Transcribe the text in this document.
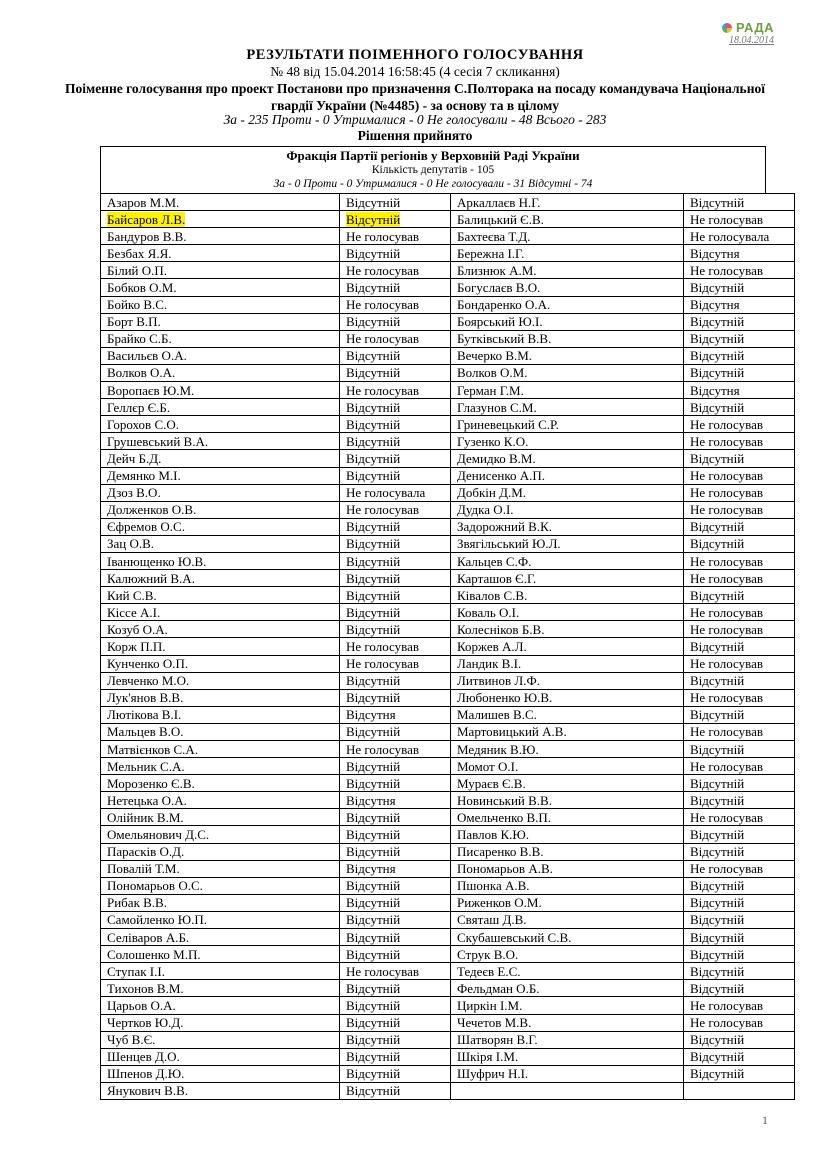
РАДА
18.04.2014
РЕЗУЛЬТАТИ ПОІМЕННОГО ГОЛОСУВАННЯ
№ 48 від 15.04.2014 16:58:45 (4 сесія 7 скликання)
Поіменне голосування про проект Постанови про призначення С.Полторака на посаду командувача Національної гвардії України (№4485) - за основу та в цілому
За - 235 Проти - 0 Утрималися - 0 Не голосували - 48 Всього - 283
Рішення прийнято
Фракція Партії регіонів у Верховній Раді України
Кількість депутатів - 105
За - 0 Проти - 0 Утрималися - 0 Не голосували - 31 Відсутні - 74
Азаров М.М.	Відсутній	Аркаллаєв Н.Г.	Відсутній
Байсаров Л.В.	Відсутній	Балицький Є.В.	Не голосував
Бандуров В.В.	Не голосував	Бахтеєва Т.Д.	Не голосувала
Безбах Я.Я.	Відсутній	Бережна І.Г.	Відсутня
Білий О.П.	Не голосував	Близнюк А.М.	Не голосував
Бобков О.М.	Відсутній	Богуслаєв В.О.	Відсутній
Бойко В.С.	Не голосував	Бондаренко О.А.	Відсутня
Борт В.П.	Відсутній	Боярський Ю.І.	Відсутній
Брайко С.Б.	Не голосував	Бутківський В.В.	Відсутній
Васильєв О.А.	Відсутній	Вечерко В.М.	Відсутній
Волков О.А.	Відсутній	Волков О.М.	Відсутній
Воропаєв Ю.М.	Не голосував	Герман Г.М.	Відсутня
Геллєр Є.Б.	Відсутній	Глазунов С.М.	Відсутній
Горохов С.О.	Відсутній	Гриневецький С.Р.	Не голосував
Грушевський В.А.	Відсутній	Гузенко К.О.	Не голосував
Дейч Б.Д.	Відсутній	Демидко В.М.	Відсутній
Демянко М.І.	Відсутній	Денисенко А.П.	Не голосував
Дзоз В.О.	Не голосувала	Добкін Д.М.	Не голосував
Долженков О.В.	Не голосував	Дудка О.І.	Не голосував
Єфремов О.С.	Відсутній	Задорожний В.К.	Відсутній
Зац О.В.	Відсутній	Звягільський Ю.Л.	Відсутній
Іванющенко Ю.В.	Відсутній	Кальцев С.Ф.	Не голосував
Калюжний В.А.	Відсутній	Карташов Є.Г.	Не голосував
Кий С.В.	Відсутній	Ківалов С.В.	Відсутній
Кіссе А.І.	Відсутній	Коваль О.І.	Не голосував
Козуб О.А.	Відсутній	Колесніков Б.В.	Не голосував
Корж П.П.	Не голосував	Коржев А.Л.	Відсутній
Кунченко О.П.	Не голосував	Ландик В.І.	Не голосував
Левченко М.О.	Відсутній	Литвинов Л.Ф.	Відсутній
Лук'янов В.В.	Відсутній	Любоненко Ю.В.	Не голосував
Лютікова В.І.	Відсутня	Малишев В.С.	Відсутній
Мальцев В.О.	Відсутній	Мартовицький А.В.	Не голосував
Матвієнков С.А.	Не голосував	Медяник В.Ю.	Відсутній
Мельник С.А.	Відсутній	Момот О.І.	Не голосував
Морозенко Є.В.	Відсутній	Мураєв Є.В.	Відсутній
Нетецька О.А.	Відсутня	Новинський В.В.	Відсутній
Олійник В.М.	Відсутній	Омельченко В.П.	Не голосував
Омельянович Д.С.	Відсутній	Павлов К.Ю.	Відсутній
Парасків О.Д.	Відсутній	Писаренко В.В.	Відсутній
Повалій Т.М.	Відсутня	Пономарьов А.В.	Не голосував
Пономарьов О.С.	Відсутній	Пшонка А.В.	Відсутній
Рибак В.В.	Відсутній	Риженков О.М.	Відсутній
Самойленко Ю.П.	Відсутній	Святаш Д.В.	Відсутній
Селіваров А.Б.	Відсутній	Скубашевський С.В.	Відсутній
Солошенко М.П.	Відсутній	Струк В.О.	Відсутній
Ступак І.І.	Не голосував	Тедеєв Е.С.	Відсутній
Тихонов В.М.	Відсутній	Фельдман О.Б.	Відсутній
Царьов О.А.	Відсутній	Циркін І.М.	Не голосував
Чертков Ю.Д.	Відсутній	Чечетов М.В.	Не голосував
Чуб В.Є.	Відсутній	Шатворян В.Г.	Відсутній
Шенцев Д.О.	Відсутній	Шкіря І.М.	Відсутній
Шпенов Д.Ю.	Відсутній	Шуфрич Н.І.	Відсутній
Янукович В.В.	Відсутній		
1
